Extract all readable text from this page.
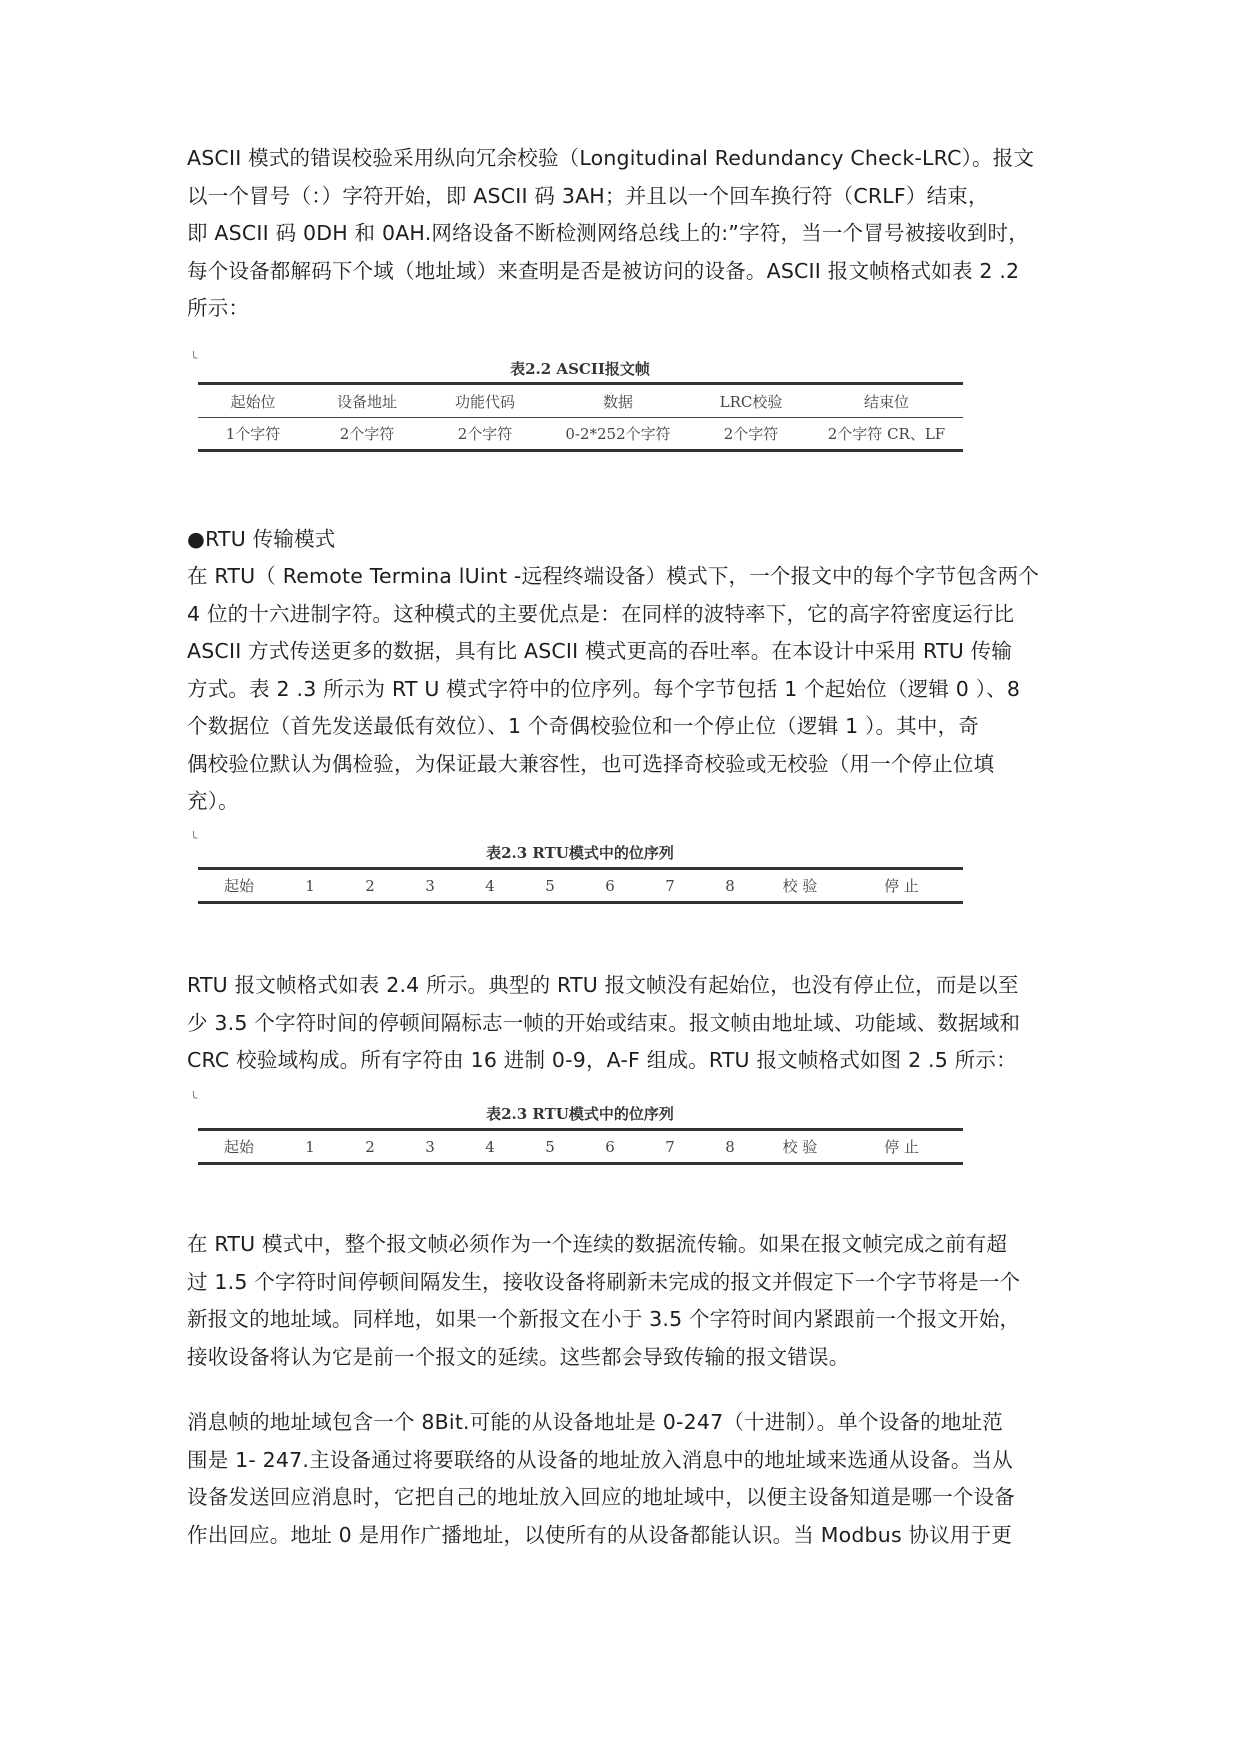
ASCII 模式的错误校验采用纵向冗余校验（Longitudinal Redundancy Check-LRC）。报文
以一个冒号（：）字符开始，即 ASCII 码 3AH；并且以一个回车换行符（CRLF）结束，
即 ASCII 码 0DH 和 0AH.网络设备不断检测网络总线上的:”字符，当一个冒号被接收到时，
每个设备都解码下个域（地址域）来查明是否是被访问的设备。ASCII 报文帧格式如表 2 .2
所示：
╰
表2.2 ASCII报文帧
起始位	设备地址	功能代码	数据	LRC校验	结束位
1个字符	2个字符	2个字符	0-2*252个字符	2个字符	2个字符 CR、LF
●RTU 传输模式
在 RTU（ Remote Termina lUint -远程终端设备）模式下，一个报文中的每个字节包含两个
4 位的十六进制字符。这种模式的主要优点是：在同样的波特率下，它的高字符密度运行比
ASCII 方式传送更多的数据，具有比 ASCII 模式更高的吞吐率。在本设计中采用 RTU 传输
方式。表 2 .3 所示为 RT U 模式字符中的位序列。每个字节包括 1 个起始位（逻辑 0 ）、8
个数据位（首先发送最低有效位）、1 个奇偶校验位和一个停止位（逻辑 1 ）。其中，奇
偶校验位默认为偶检验，为保证最大兼容性，也可选择奇校验或无校验（用一个停止位填
充）。
╰
表2.3 RTU模式中的位序列
起始	1	2	3	4	5	6	7	8	校 验	停 止
RTU 报文帧格式如表 2.4 所示。典型的 RTU 报文帧没有起始位，也没有停止位，而是以至
少 3.5 个字符时间的停顿间隔标志一帧的开始或结束。报文帧由地址域、功能域、数据域和
CRC 校验域构成。所有字符由 16 进制 0-9，A-F 组成。RTU 报文帧格式如图 2 .5 所示：
╰
表2.3 RTU模式中的位序列
起始	1	2	3	4	5	6	7	8	校 验	停 止
在 RTU 模式中，整个报文帧必须作为一个连续的数据流传输。如果在报文帧完成之前有超
过 1.5 个字符时间停顿间隔发生，接收设备将刷新未完成的报文并假定下一个字节将是一个
新报文的地址域。同样地，如果一个新报文在小于 3.5 个字符时间内紧跟前一个报文开始，
接收设备将认为它是前一个报文的延续。这些都会导致传输的报文错误。
消息帧的地址域包含一个 8Bit.可能的从设备地址是 0-247（十进制）。单个设备的地址范
围是 1- 247.主设备通过将要联络的从设备的地址放入消息中的地址域来选通从设备。当从
设备发送回应消息时，它把自己的地址放入回应的地址域中，以便主设备知道是哪一个设备
作出回应。地址 0 是用作广播地址，以使所有的从设备都能认识。当 Modbus 协议用于更
